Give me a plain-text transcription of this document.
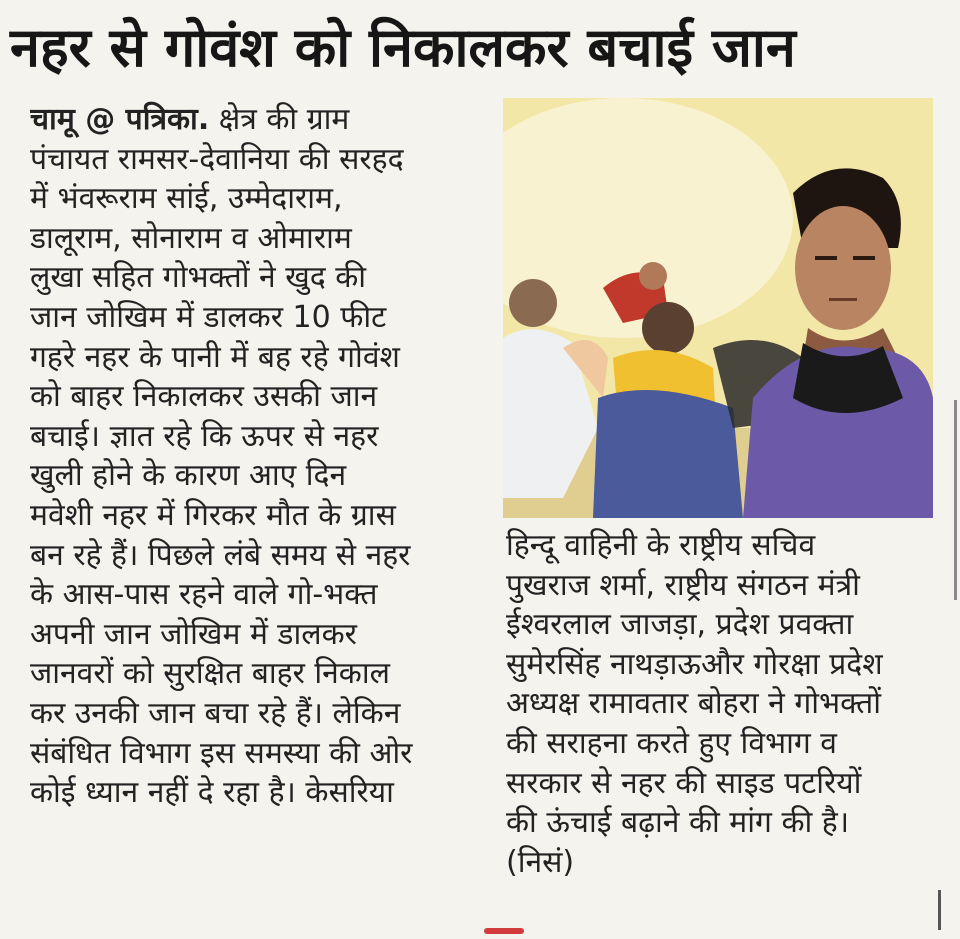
नहर से गोवंश को निकालकर बचाई जान
चामू @ पत्रिका. क्षेत्र की ग्राम
पंचायत रामसर-देवानिया की सरहद
में भंवरूराम सांई, उम्मेदाराम,
डालूराम, सोनाराम व ओमाराम
लुखा सहित गोभक्तों ने खुद की
जान जोखिम में डालकर 10 फीट
गहरे नहर के पानी में बह रहे गोवंश
को बाहर निकालकर उसकी जान
बचाई। ज्ञात रहे कि ऊपर से नहर
खुली होने के कारण आए दिन
मवेशी नहर में गिरकर मौत के ग्रास
बन रहे हैं। पिछले लंबे समय से नहर
के आस-पास रहने वाले गो-भक्त
अपनी जान जोखिम में डालकर
जानवरों को सुरक्षित बाहर निकाल
कर उनकी जान बचा रहे हैं। लेकिन
संबंधित विभाग इस समस्या की ओर
कोई ध्यान नहीं दे रहा है। केसरिया
हिन्दू वाहिनी के राष्ट्रीय सचिव
पुखराज शर्मा, राष्ट्रीय संगठन मंत्री
ईश्वरलाल जाजड़ा, प्रदेश प्रवक्ता
सुमेरसिंह नाथड़ाऊऔर गोरक्षा प्रदेश
अध्यक्ष रामावतार बोहरा ने गोभक्तों
की सराहना करते हुए विभाग व
सरकार से नहर की साइड पटरियों
की ऊंचाई बढ़ाने की मांग की है।
(निसं)
